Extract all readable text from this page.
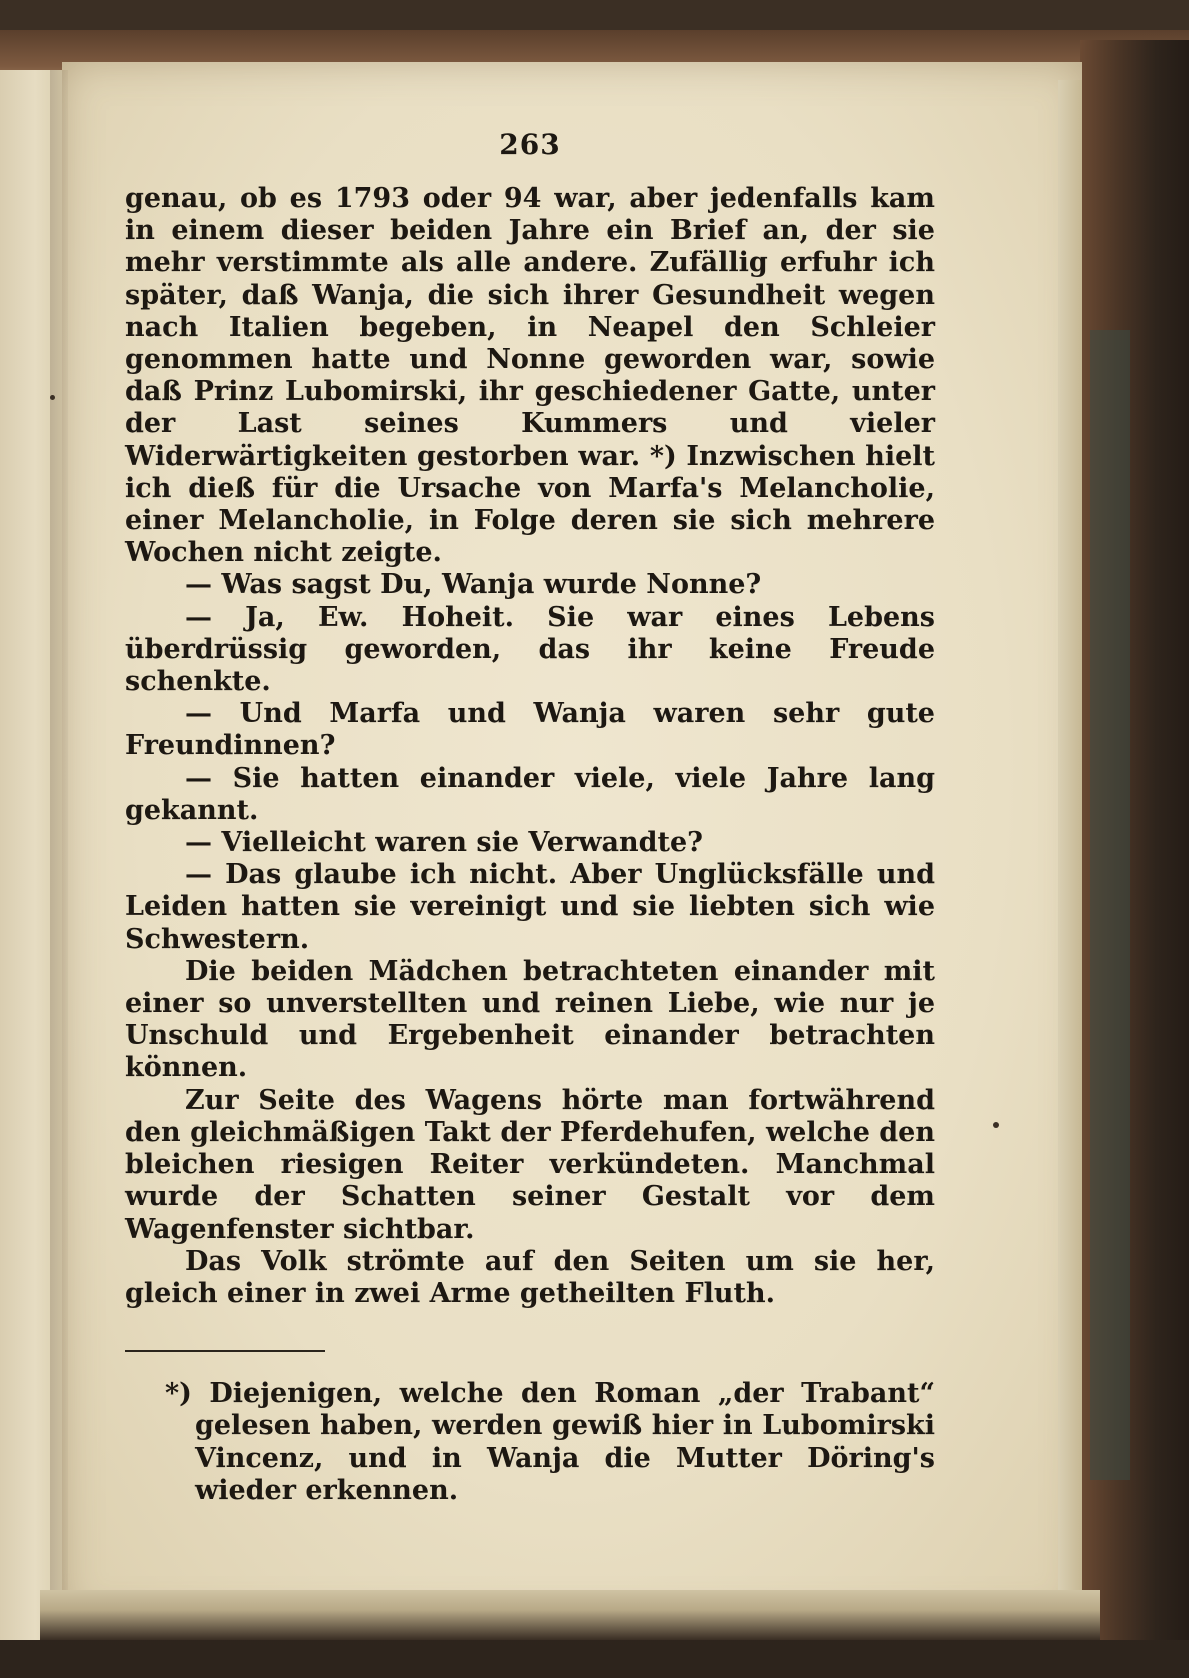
263

genau, ob es 1793 oder 94 war, aber jedenfalls kam in einem dieser beiden Jahre ein Brief an, der sie mehr verstimmte als alle andere. Zufällig erfuhr ich später, daß Wanja, die sich ihrer Gesundheit wegen nach Italien begeben, in Neapel den Schleier genommen hatte und Nonne geworden war, sowie daß Prinz Lubomirski, ihr geschiedener Gatte, unter der Last seines Kummers und vieler Widerwärtigkeiten gestorben war. *) Inzwischen hielt ich dieß für die Ursache von Marfa's Melancholie, einer Melancholie, in Folge deren sie sich mehrere Wochen nicht zeigte.

— Was sagst Du, Wanja wurde Nonne?

— Ja, Ew. Hoheit. Sie war eines Lebens überdrüssig geworden, das ihr keine Freude schenkte.

— Und Marfa und Wanja waren sehr gute Freundinnen?

— Sie hatten einander viele, viele Jahre lang gekannt.

— Vielleicht waren sie Verwandte?

— Das glaube ich nicht. Aber Unglücksfälle und Leiden hatten sie vereinigt und sie liebten sich wie Schwestern.

Die beiden Mädchen betrachteten einander mit einer so unverstellten und reinen Liebe, wie nur je Unschuld und Ergebenheit einander betrachten können.

Zur Seite des Wagens hörte man fortwährend den gleichmäßigen Takt der Pferdehufen, welche den bleichen riesigen Reiter verkündeten. Manchmal wurde der Schatten seiner Gestalt vor dem Wagenfenster sichtbar.

Das Volk strömte auf den Seiten um sie her, gleich einer in zwei Arme getheilten Fluth.

*) Diejenigen, welche den Roman „der Trabant“ gelesen haben, werden gewiß hier in Lubomirski Vincenz, und in Wanja die Mutter Döring's wieder erkennen.
